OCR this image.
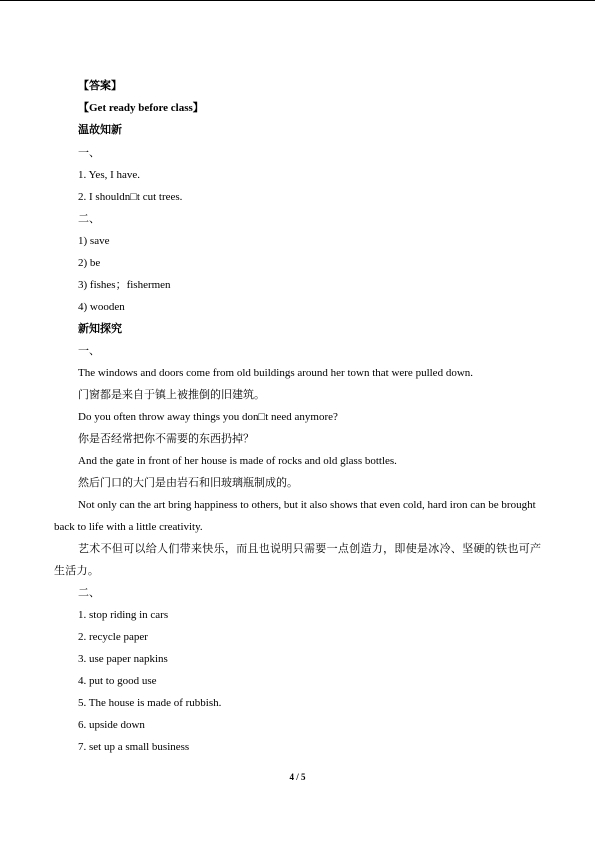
【答案】
【Get ready before class】
温故知新
一、
1. Yes, I have.
2. I shouldn□t cut trees.
二、
1) save
2) be
3) fishes；fishermen
4) wooden
新知探究
一、
The windows and doors come from old buildings around her town that were pulled down.
门窗都是来自于镇上被推倒的旧建筑。
Do you often throw away things you don□t need anymore?
你是否经常把你不需要的东西扔掉？
And the gate in front of her house is made of rocks and old glass bottles.
然后门口的大门是由岩石和旧玻璃瓶制成的。
Not only can the art bring happiness to others, but it also shows that even cold, hard iron can be brought back to life with a little creativity.
艺术不但可以给人们带来快乐，而且也说明只需要一点创造力，即使是冰冷、坚硬的铁也可产生活力。
二、
1. stop riding in cars
2. recycle paper
3. use paper napkins
4. put to good use
5. The house is made of rubbish.
6. upside down
7. set up a small business
4 / 5
